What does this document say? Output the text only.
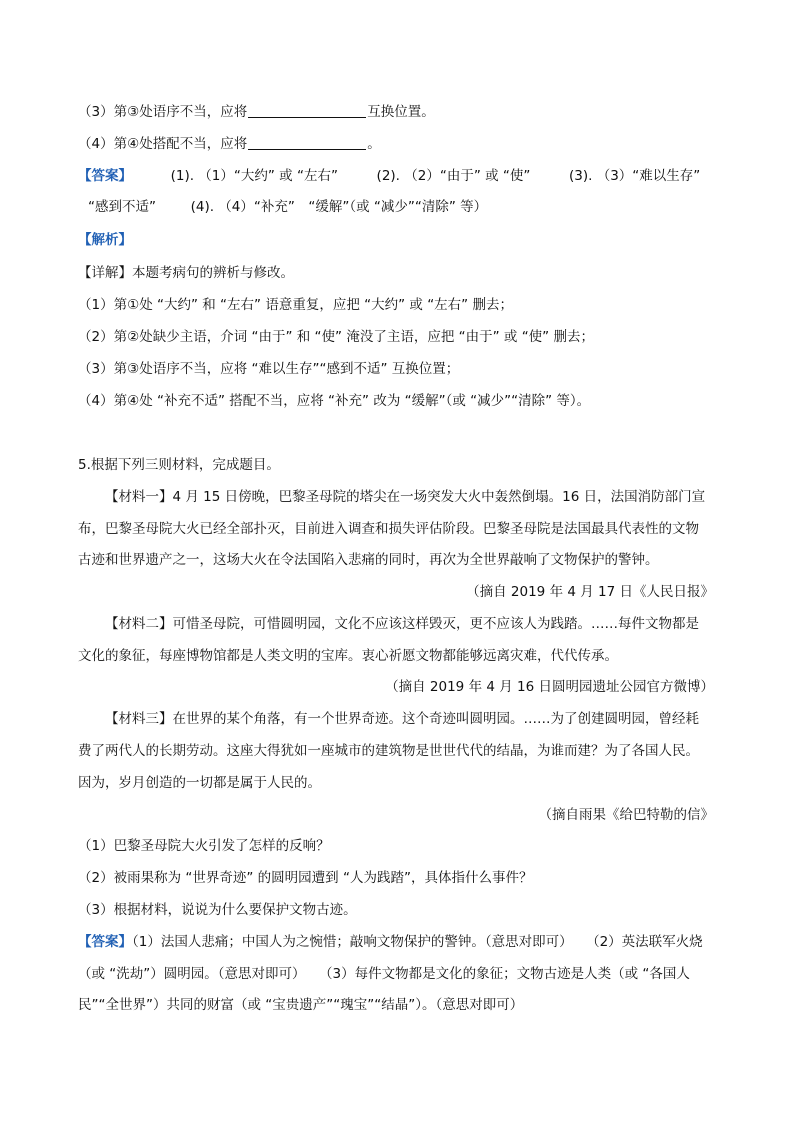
（3）第③处语序不当，应将	互换位置。
（4）第④处搭配不当，应将	。
【答案】	(1). （1）“大约” 或 “左右”	(2). （2）“由于” 或 “使”	(3). （3）“难以生存”
“感到不适”	(4). （4）“补充”　“缓解”（或 “减少”“清除” 等）
【解析】
【详解】本题考病句的辨析与修改。
（1）第①处 “大约” 和 “左右” 语意重复，应把 “大约” 或 “左右” 删去；
（2）第②处缺少主语，介词 “由于” 和 “使” 淹没了主语，应把 “由于” 或 “使” 删去；
（3）第③处语序不当，应将 “难以生存”“感到不适” 互换位置；
（4）第④处 “补充不适” 搭配不当，应将 “补充” 改为 “缓解”（或 “减少”“清除” 等）。
5.根据下列三则材料，完成题目。
【材料一】4 月 15 日傍晚，巴黎圣母院的塔尖在一场突发大火中轰然倒塌。16 日，法国消防部门宣
布，巴黎圣母院大火已经全部扑灭，目前进入调查和损失评估阶段。巴黎圣母院是法国最具代表性的文物
古迹和世界遗产之一，这场大火在令法国陷入悲痛的同时，再次为全世界敲响了文物保护的警钟。
（摘自 2019 年 4 月 17 日《人民日报》
【材料二】可惜圣母院，可惜圆明园，文化不应该这样毁灭，更不应该人为践踏。……每件文物都是
文化的象征，每座博物馆都是人类文明的宝库。衷心祈愿文物都能够远离灾难，代代传承。
（摘自 2019 年 4 月 16 日圆明园遗址公园官方微博）
【材料三】在世界的某个角落，有一个世界奇迹。这个奇迹叫圆明园。……为了创建圆明园，曾经耗
费了两代人的长期劳动。这座大得犹如一座城市的建筑物是世世代代的结晶，为谁而建？为了各国人民。
因为，岁月创造的一切都是属于人民的。
（摘自雨果《给巴特勒的信》
（1）巴黎圣母院大火引发了怎样的反响？
（2）被雨果称为 “世界奇迹” 的圆明园遭到 “人为践踏”，具体指什么事件？
（3）根据材料，说说为什么要保护文物古迹。
【答案】（1）法国人悲痛；中国人为之惋惜；敲响文物保护的警钟。（意思对即可）　　（2）英法联军火烧
（或 “洗劫”）圆明园。（意思对即可）　　（3）每件文物都是文化的象征；文物古迹是人类（或 “各国人
民”“全世界”）共同的财富（或 “宝贵遗产”“瑰宝”“结晶”）。（意思对即可）
